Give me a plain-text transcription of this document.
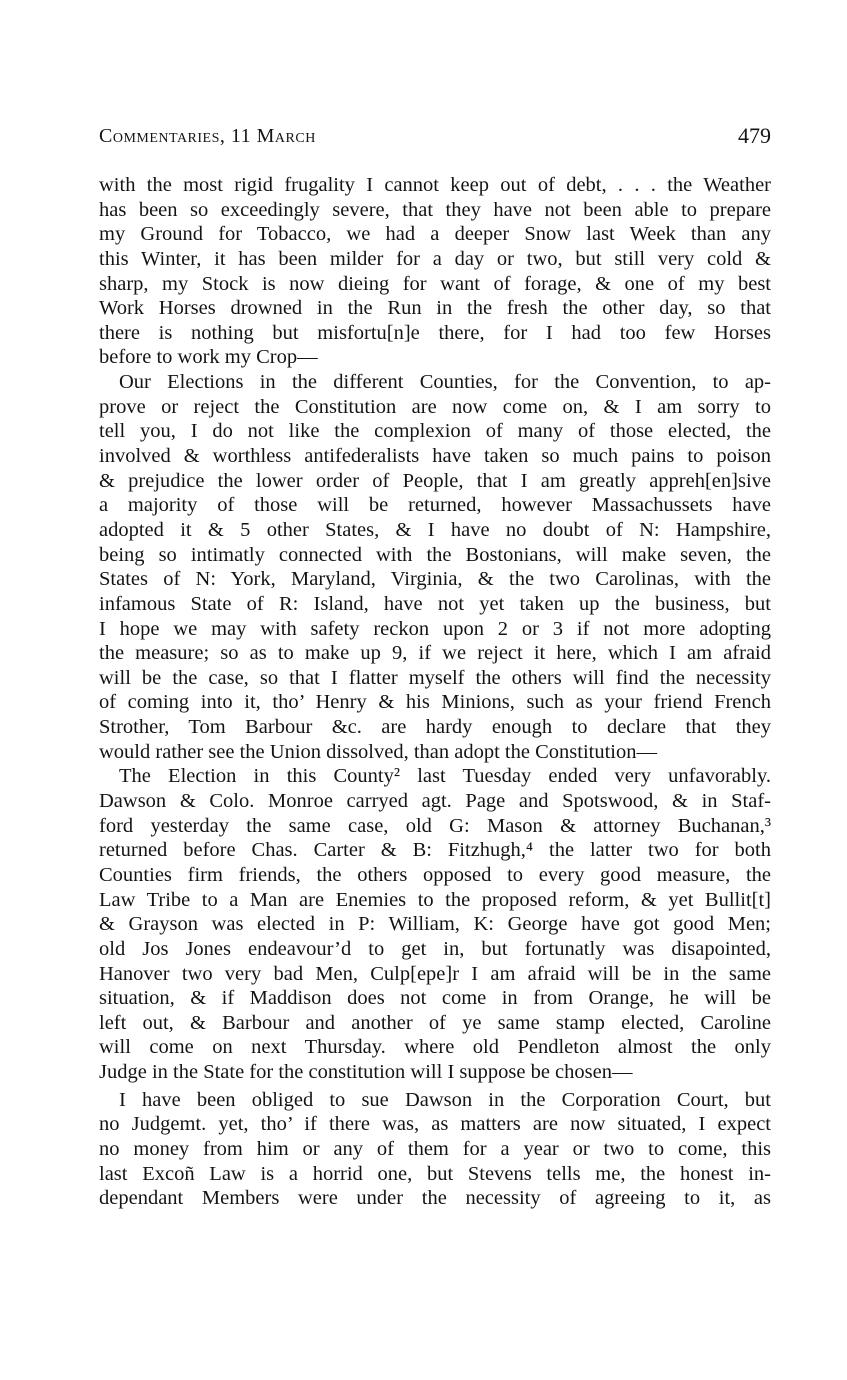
Commentaries, 11 March	479
with the most rigid frugality I cannot keep out of debt, . . . the Weather
has been so exceedingly severe, that they have not been able to prepare
my Ground for Tobacco, we had a deeper Snow last Week than any
this Winter, it has been milder for a day or two, but still very cold &
sharp, my Stock is now dieing for want of forage, & one of my best
Work Horses drowned in the Run in the fresh the other day, so that
there is nothing but misfortu[n]e there, for I had too few Horses
before to work my Crop—
Our Elections in the different Counties, for the Convention, to ap-
prove or reject the Constitution are now come on, & I am sorry to
tell you, I do not like the complexion of many of those elected, the
involved & worthless antifederalists have taken so much pains to poison
& prejudice the lower order of People, that I am greatly appreh[en]sive
a majority of those will be returned, however Massachussets have
adopted it & 5 other States, & I have no doubt of N: Hampshire,
being so intimatly connected with the Bostonians, will make seven, the
States of N: York, Maryland, Virginia, & the two Carolinas, with the
infamous State of R: Island, have not yet taken up the business, but
I hope we may with safety reckon upon 2 or 3 if not more adopting
the measure; so as to make up 9, if we reject it here, which I am afraid
will be the case, so that I flatter myself the others will find the necessity
of coming into it, tho’ Henry & his Minions, such as your friend French
Strother, Tom Barbour &c. are hardy enough to declare that they
would rather see the Union dissolved, than adopt the Constitution—
The Election in this County² last Tuesday ended very unfavorably.
Dawson & Colo. Monroe carryed agt. Page and Spotswood, & in Staf-
ford yesterday the same case, old G: Mason & attorney Buchanan,³
returned before Chas. Carter & B: Fitzhugh,⁴ the latter two for both
Counties firm friends, the others opposed to every good measure, the
Law Tribe to a Man are Enemies to the proposed reform, & yet Bullit[t]
& Grayson was elected in P: William, K: George have got good Men;
old Jos Jones endeavour’d to get in, but fortunatly was disapointed,
Hanover two very bad Men, Culp[epe]r I am afraid will be in the same
situation, & if Maddison does not come in from Orange, he will be
left out, & Barbour and another of ye same stamp elected, Caroline
will come on next Thursday. where old Pendleton almost the only
Judge in the State for the constitution will I suppose be chosen—
I have been obliged to sue Dawson in the Corporation Court, but
no Judgemt. yet, tho’ if there was, as matters are now situated, I expect
no money from him or any of them for a year or two to come, this
last Excoñ Law is a horrid one, but Stevens tells me, the honest in-
dependant Members were under the necessity of agreeing to it, as
